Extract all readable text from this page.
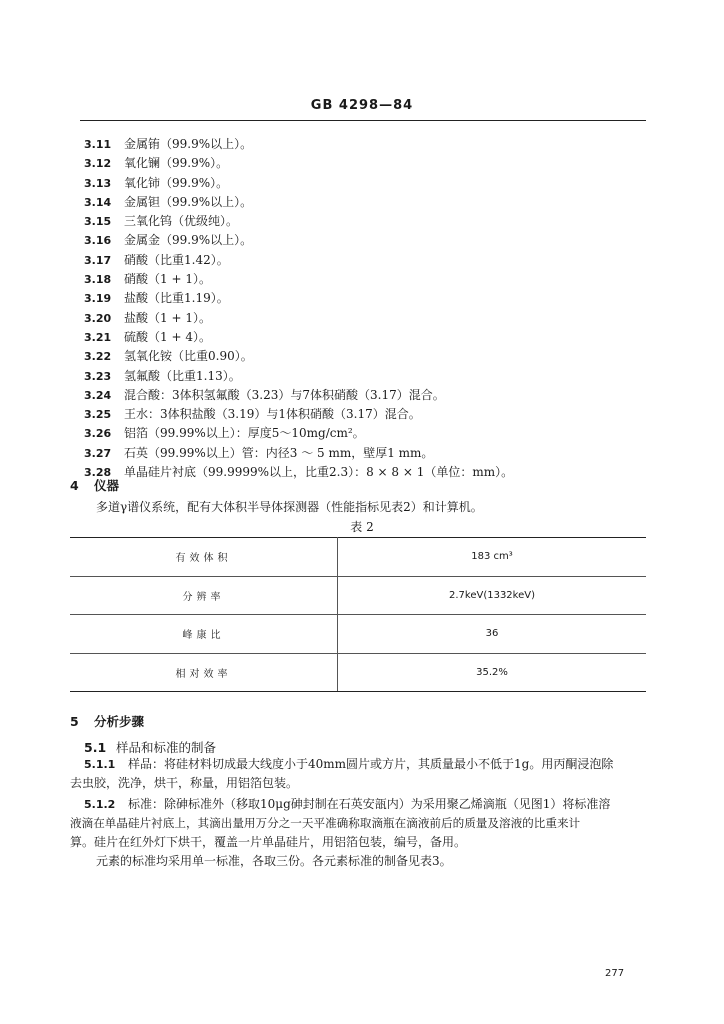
GB 4298—84
3.11	金属铕（99.9%以上）。
3.12	氧化镧（99.9%）。
3.13	氧化铈（99.9%）。
3.14	金属钽（99.9%以上）。
3.15	三氧化钨（优级纯）。
3.16	金属金（99.9%以上）。
3.17	硝酸（比重1.42）。
3.18	硝酸（1 + 1）。
3.19	盐酸（比重1.19）。
3.20	盐酸（1 + 1）。
3.21	硫酸（1 + 4）。
3.22	氢氧化铵（比重0.90）。
3.23	氢氟酸（比重1.13）。
3.24	混合酸：3体积氢氟酸（3.23）与7体积硝酸（3.17）混合。
3.25	王水：3体积盐酸（3.19）与1体积硝酸（3.17）混合。
3.26	铝箔（99.99%以上）：厚度5～10mg/cm²。
3.27	石英（99.99%以上）管：内径3 ～ 5 mm，壁厚1 mm。
3.28	单晶硅片衬底（99.9999%以上，比重2.3）：8 × 8 × 1（单位：mm）。
4 仪器
多道γ谱仪系统，配有大体积半导体探测器（性能指标见表2）和计算机。
表 2
有效体积	183 cm³
分辨率	2.7keV(1332keV)
峰康比	36
相对效率	35.2%
5 分析步骤
5.1 样品和标准的制备
5.1.1 样品：将硅材料切成最大线度小于40mm圆片或方片，其质量最小不低于1g。用丙酮浸泡除
去虫胶，洗净，烘干，称量，用铝箔包装。
5.1.2 标准：除砷标准外（移取10μg砷封制在石英安瓿内）为采用聚乙烯滴瓶（见图1）将标准溶
液滴在单晶硅片衬底上，其滴出量用万分之一天平准确称取滴瓶在滴液前后的质量及溶液的比重来计
算。硅片在红外灯下烘干，覆盖一片单晶硅片，用铝箔包装，编号，备用。
元素的标准均采用单一标准，各取三份。各元素标准的制备见表3。
277
